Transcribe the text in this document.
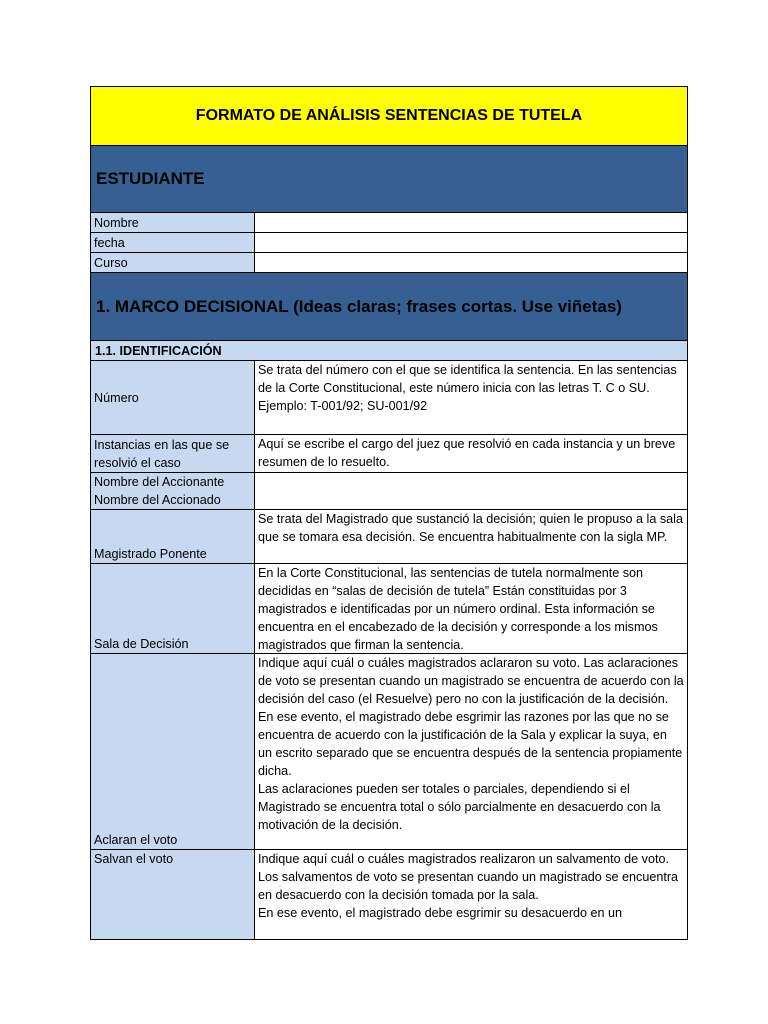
FORMATO DE ANÁLISIS SENTENCIAS DE TUTELA
ESTUDIANTE
Nombre
fecha
Curso
1. MARCO DECISIONAL (Ideas claras; frases cortas. Use viñetas)
1.1. IDENTIFICACIÓN
Número
Se trata del número con el que se identifica la sentencia. En las sentencias de la Corte Constitucional, este número inicia con las letras T. C o SU. Ejemplo: T-001/92; SU-001/92
Instancias en las que se resolvió el caso
Aquí se escribe el cargo del juez que resolvió en cada instancia y un breve resumen de lo resuelto.
Nombre del Accionante Nombre del Accionado
Magistrado Ponente
Se trata del Magistrado que sustanció la decisión; quien le propuso a la sala que se tomara esa decisión. Se encuentra habitualmente con la sigla MP.
Sala de Decisión
En la Corte Constitucional, las sentencias de tutela normalmente son decididas en “salas de decisión de tutela” Están constituidas por 3 magistrados e identificadas por un número ordinal. Esta información se encuentra en el encabezado de la decisión y corresponde a los mismos magistrados que firman la sentencia.
Aclaran el voto
Indique aquí cuál o cuáles magistrados aclararon su voto. Las aclaraciones de voto se presentan cuando un magistrado se encuentra de acuerdo con la decisión del caso (el Resuelve) pero no con la justificación de la decisión.
En ese evento, el magistrado debe esgrimir las razones por las que no se encuentra de acuerdo con la justificación de la Sala y explicar la suya, en un escrito separado que se encuentra después de la sentencia propiamente dicha.
Las aclaraciones pueden ser totales o parciales, dependiendo si el Magistrado se encuentra total o sólo parcialmente en desacuerdo con la motivación de la decisión.
Salvan el voto	Indique aquí cuál o cuáles magistrados realizaron un salvamento de voto. Los salvamentos de voto se presentan cuando un magistrado se encuentra en desacuerdo con la decisión tomada por la sala.
En ese evento, el magistrado debe esgrimir su desacuerdo en un
